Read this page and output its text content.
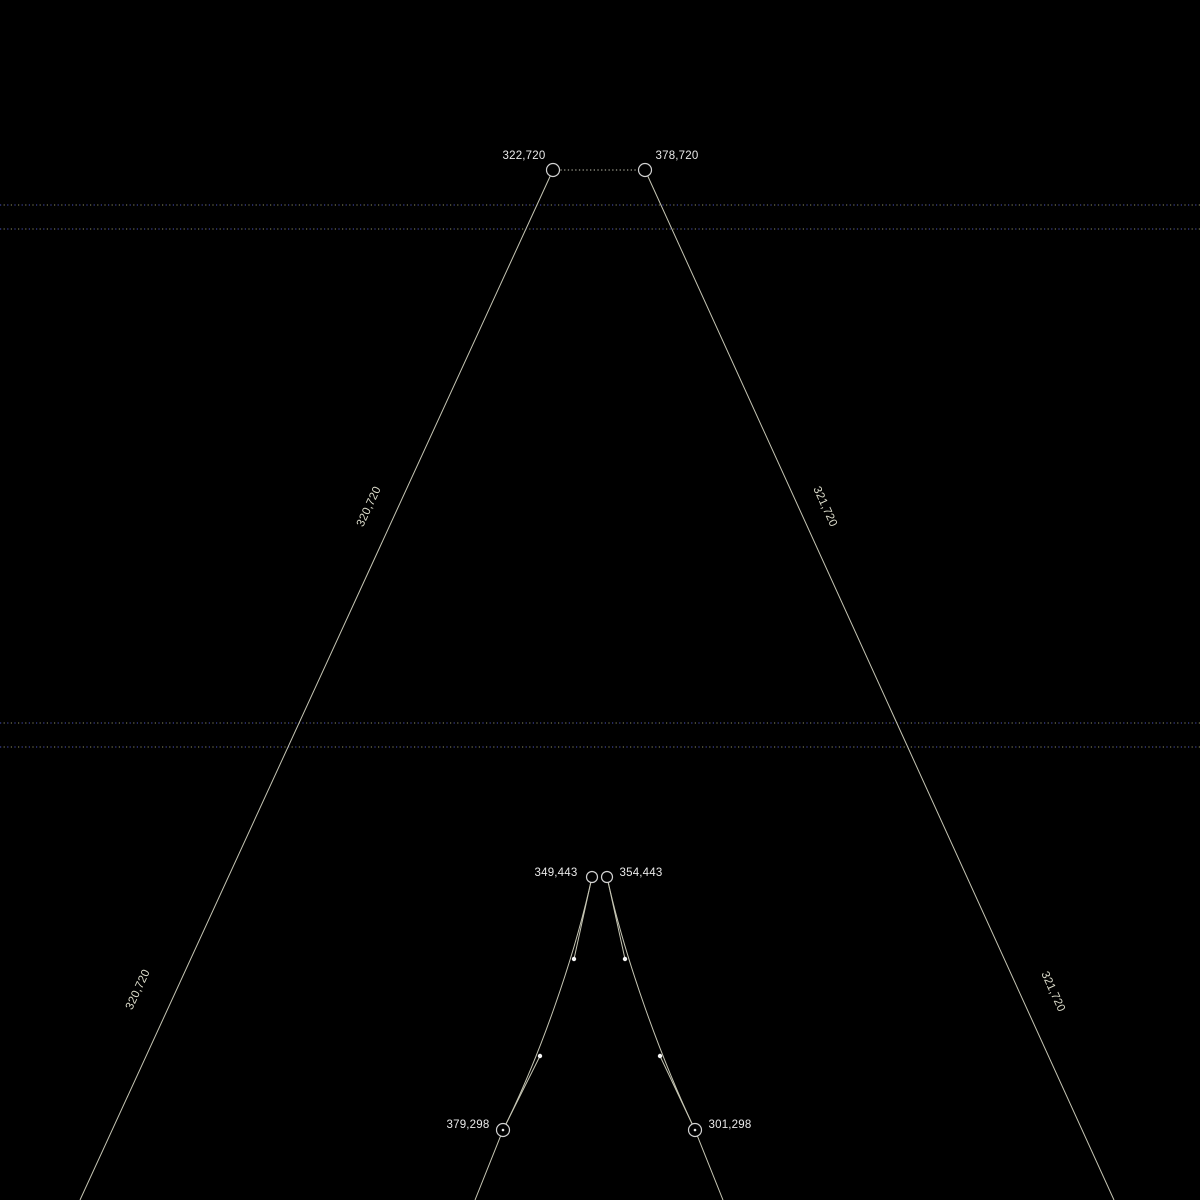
322,720	378,720
349,443	354,443
379,298	301,298
320,720
320,720
321,720
321,720
